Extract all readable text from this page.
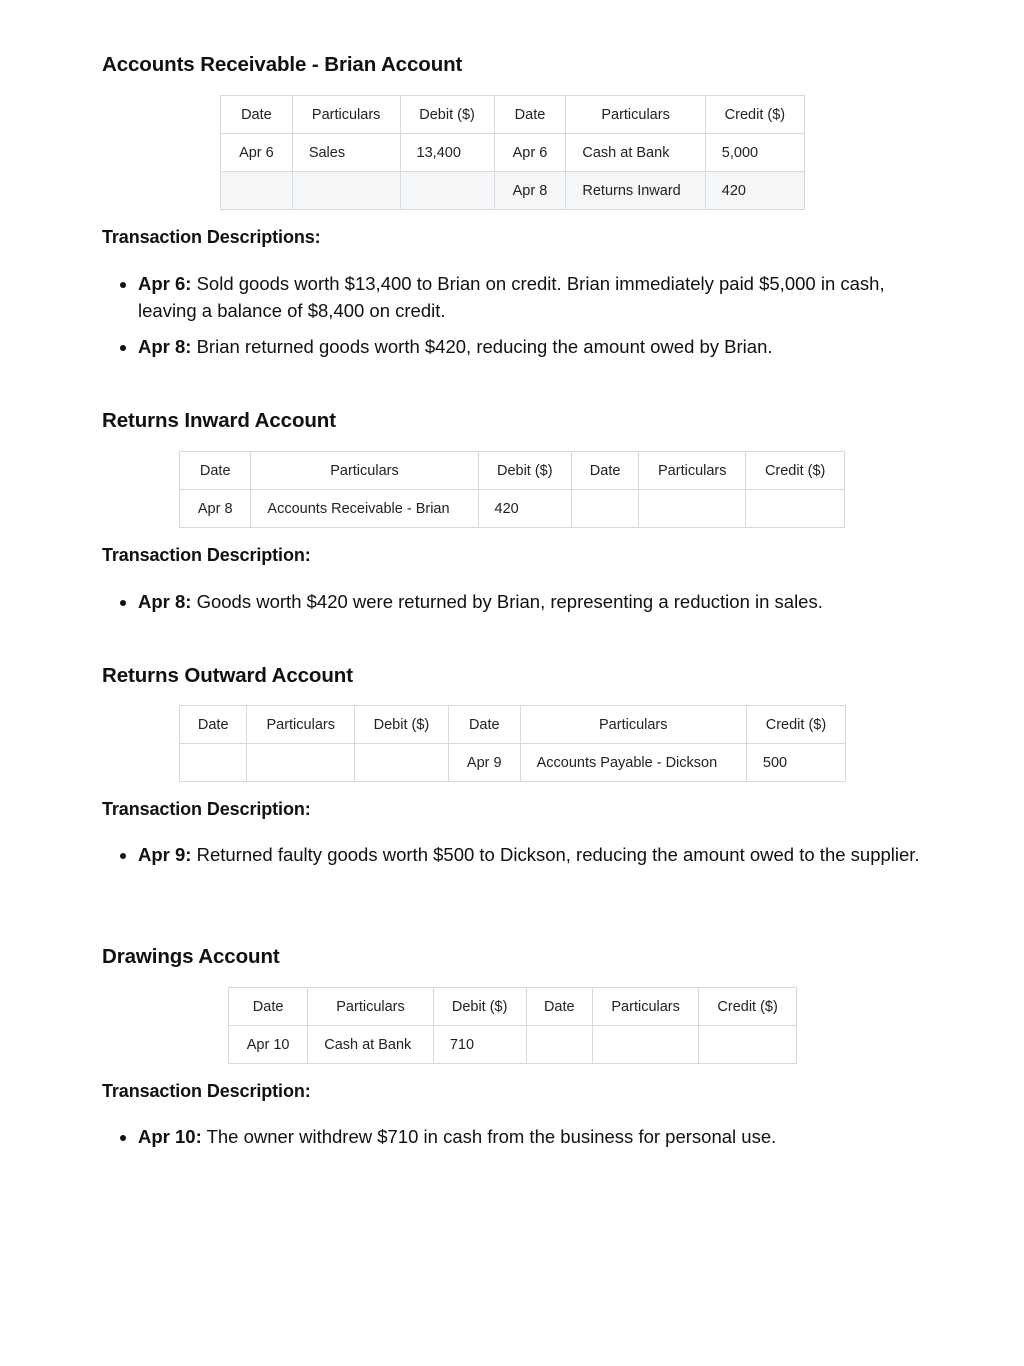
Accounts Receivable - Brian Account
Date	Particulars	Debit ($)	Date	Particulars	Credit ($)
Apr 6	Sales	13,400	Apr 6	Cash at Bank	5,000
			Apr 8	Returns Inward	420
Transaction Descriptions:
• Apr 6: Sold goods worth $13,400 to Brian on credit. Brian immediately paid $5,000 in cash, leaving a balance of $8,400 on credit.
• Apr 8: Brian returned goods worth $420, reducing the amount owed by Brian.
Returns Inward Account
Date	Particulars	Debit ($)	Date	Particulars	Credit ($)
Apr 8	Accounts Receivable - Brian	420			
Transaction Description:
• Apr 8: Goods worth $420 were returned by Brian, representing a reduction in sales.
Returns Outward Account
Date	Particulars	Debit ($)	Date	Particulars	Credit ($)
			Apr 9	Accounts Payable - Dickson	500
Transaction Description:
• Apr 9: Returned faulty goods worth $500 to Dickson, reducing the amount owed to the supplier.
Drawings Account
Date	Particulars	Debit ($)	Date	Particulars	Credit ($)
Apr 10	Cash at Bank	710			
Transaction Description:
• Apr 10: The owner withdrew $710 in cash from the business for personal use.
